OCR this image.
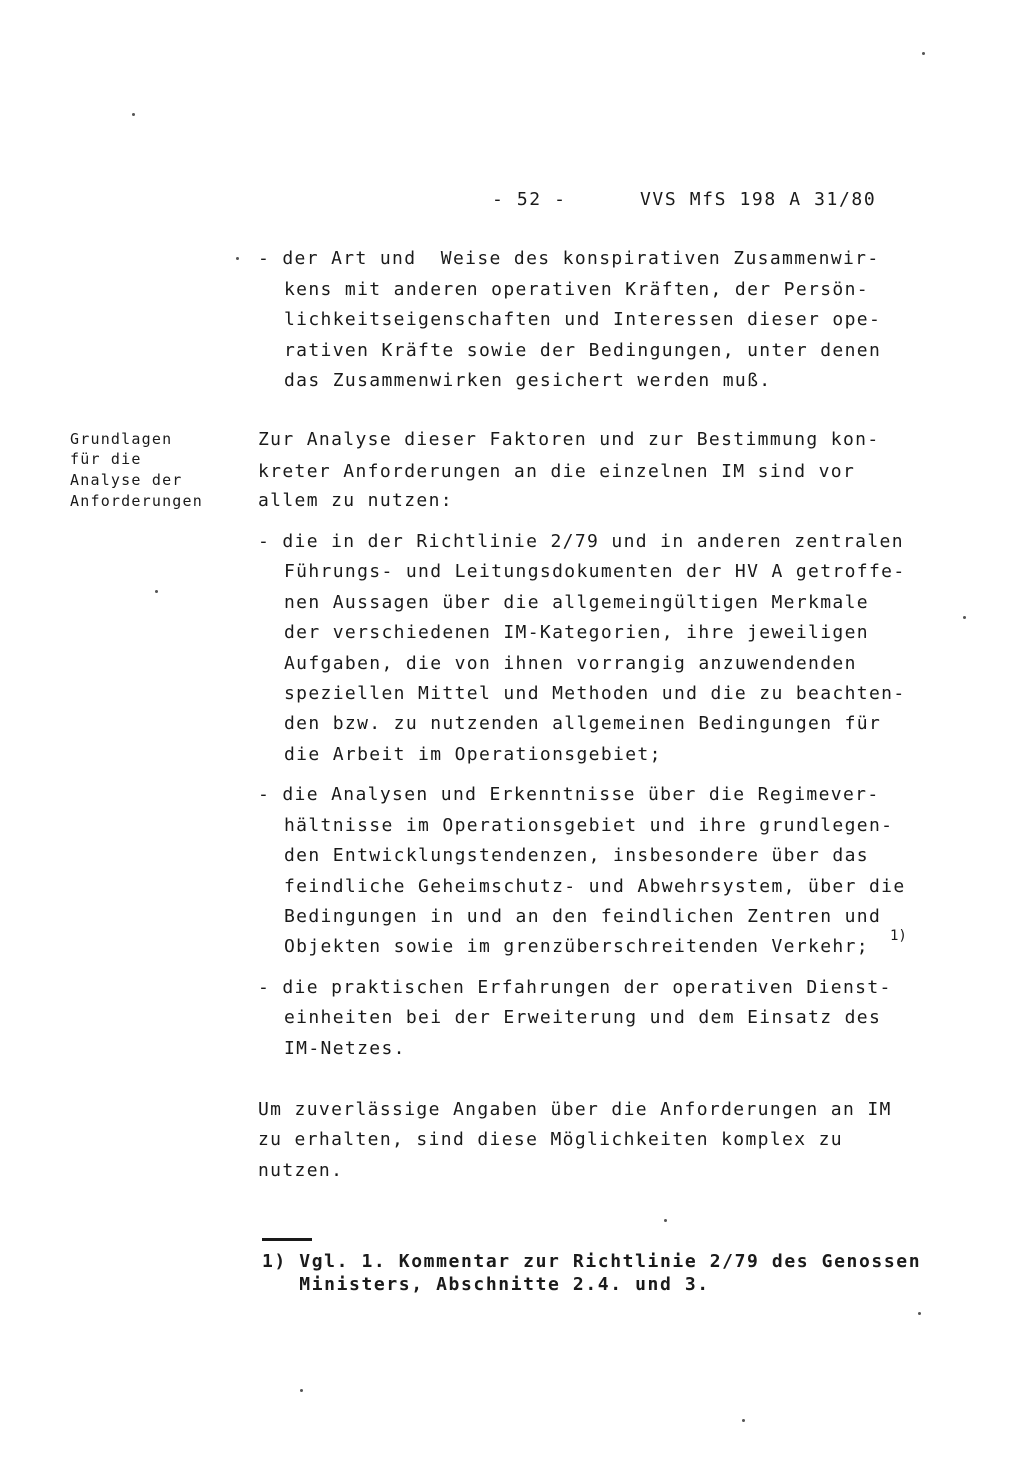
- 52 -	VVS MfS 198 A 31/80
- der Art und  Weise des konspirativen Zusammenwir-
kens mit anderen operativen Kräften, der Persön-
lichkeitseigenschaften und Interessen dieser ope-
rativen Kräfte sowie der Bedingungen, unter denen
das Zusammenwirken gesichert werden muß.
Grundlagen
für die
Analyse der
Anforderungen
Zur Analyse dieser Faktoren und zur Bestimmung kon-
kreter Anforderungen an die einzelnen IM sind vor
allem zu nutzen:
- die in der Richtlinie 2/79 und in anderen zentralen
Führungs- und Leitungsdokumenten der HV A getroffe-
nen Aussagen über die allgemeingültigen Merkmale
der verschiedenen IM-Kategorien, ihre jeweiligen
Aufgaben, die von ihnen vorrangig anzuwendenden
speziellen Mittel und Methoden und die zu beachten-
den bzw. zu nutzenden allgemeinen Bedingungen für
die Arbeit im Operationsgebiet;
- die Analysen und Erkenntnisse über die Regimever-
hältnisse im Operationsgebiet und ihre grundlegen-
den Entwicklungstendenzen, insbesondere über das
feindliche Geheimschutz- und Abwehrsystem, über die
Bedingungen in und an den feindlichen Zentren und
Objekten sowie im grenzüberschreitenden Verkehr; 1)
- die praktischen Erfahrungen der operativen Dienst-
einheiten bei der Erweiterung und dem Einsatz des
IM-Netzes.
Um zuverlässige Angaben über die Anforderungen an IM
zu erhalten, sind diese Möglichkeiten komplex zu
nutzen.
1) Vgl. 1. Kommentar zur Richtlinie 2/79 des Genossen
Ministers, Abschnitte 2.4. und 3.
